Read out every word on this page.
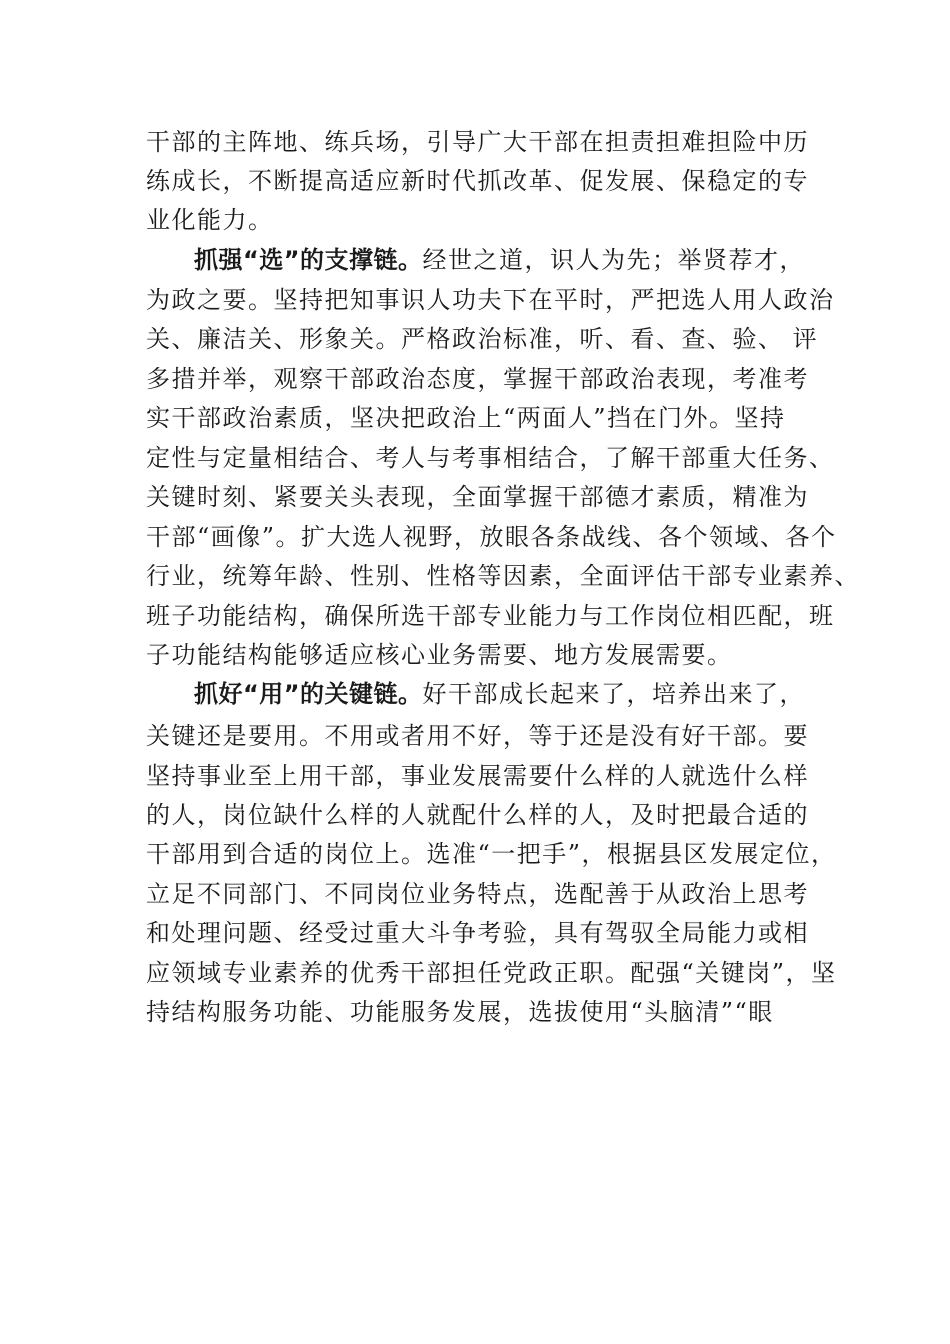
干部的主阵地、练兵场，引导广大干部在担责担难担险中历
练成长，不断提高适应新时代抓改革、促发展、保稳定的专
业化能力。
抓强“选”的支撑链。经世之道，识人为先；举贤荐才，
为政之要。坚持把知事识人功夫下在平时，严把选人用人政治
关、廉洁关、形象关。严格政治标准，听、看、查、验、 评
多措并举，观察干部政治态度，掌握干部政治表现，考准考
实干部政治素质，坚决把政治上“两面人”挡在门外。坚持
定性与定量相结合、考人与考事相结合，了解干部重大任务、
关键时刻、紧要关头表现，全面掌握干部德才素质，精准为
干部“画像”。扩大选人视野，放眼各条战线、各个领域、各个
行业，统筹年龄、性别、性格等因素，全面评估干部专业素养、
班子功能结构，确保所选干部专业能力与工作岗位相匹配，班
子功能结构能够适应核心业务需要、地方发展需要。
抓好“用”的关键链。好干部成长起来了，培养出来了，
关键还是要用。不用或者用不好，等于还是没有好干部。要
坚持事业至上用干部，事业发展需要什么样的人就选什么样
的人，岗位缺什么样的人就配什么样的人，及时把最合适的
干部用到合适的岗位上。选准“一把手”，根据县区发展定位，
立足不同部门、不同岗位业务特点，选配善于从政治上思考
和处理问题、经受过重大斗争考验，具有驾驭全局能力或相
应领域专业素养的优秀干部担任党政正职。配强“关键岗”，坚
持结构服务功能、功能服务发展，选拔使用“头脑清”“眼
